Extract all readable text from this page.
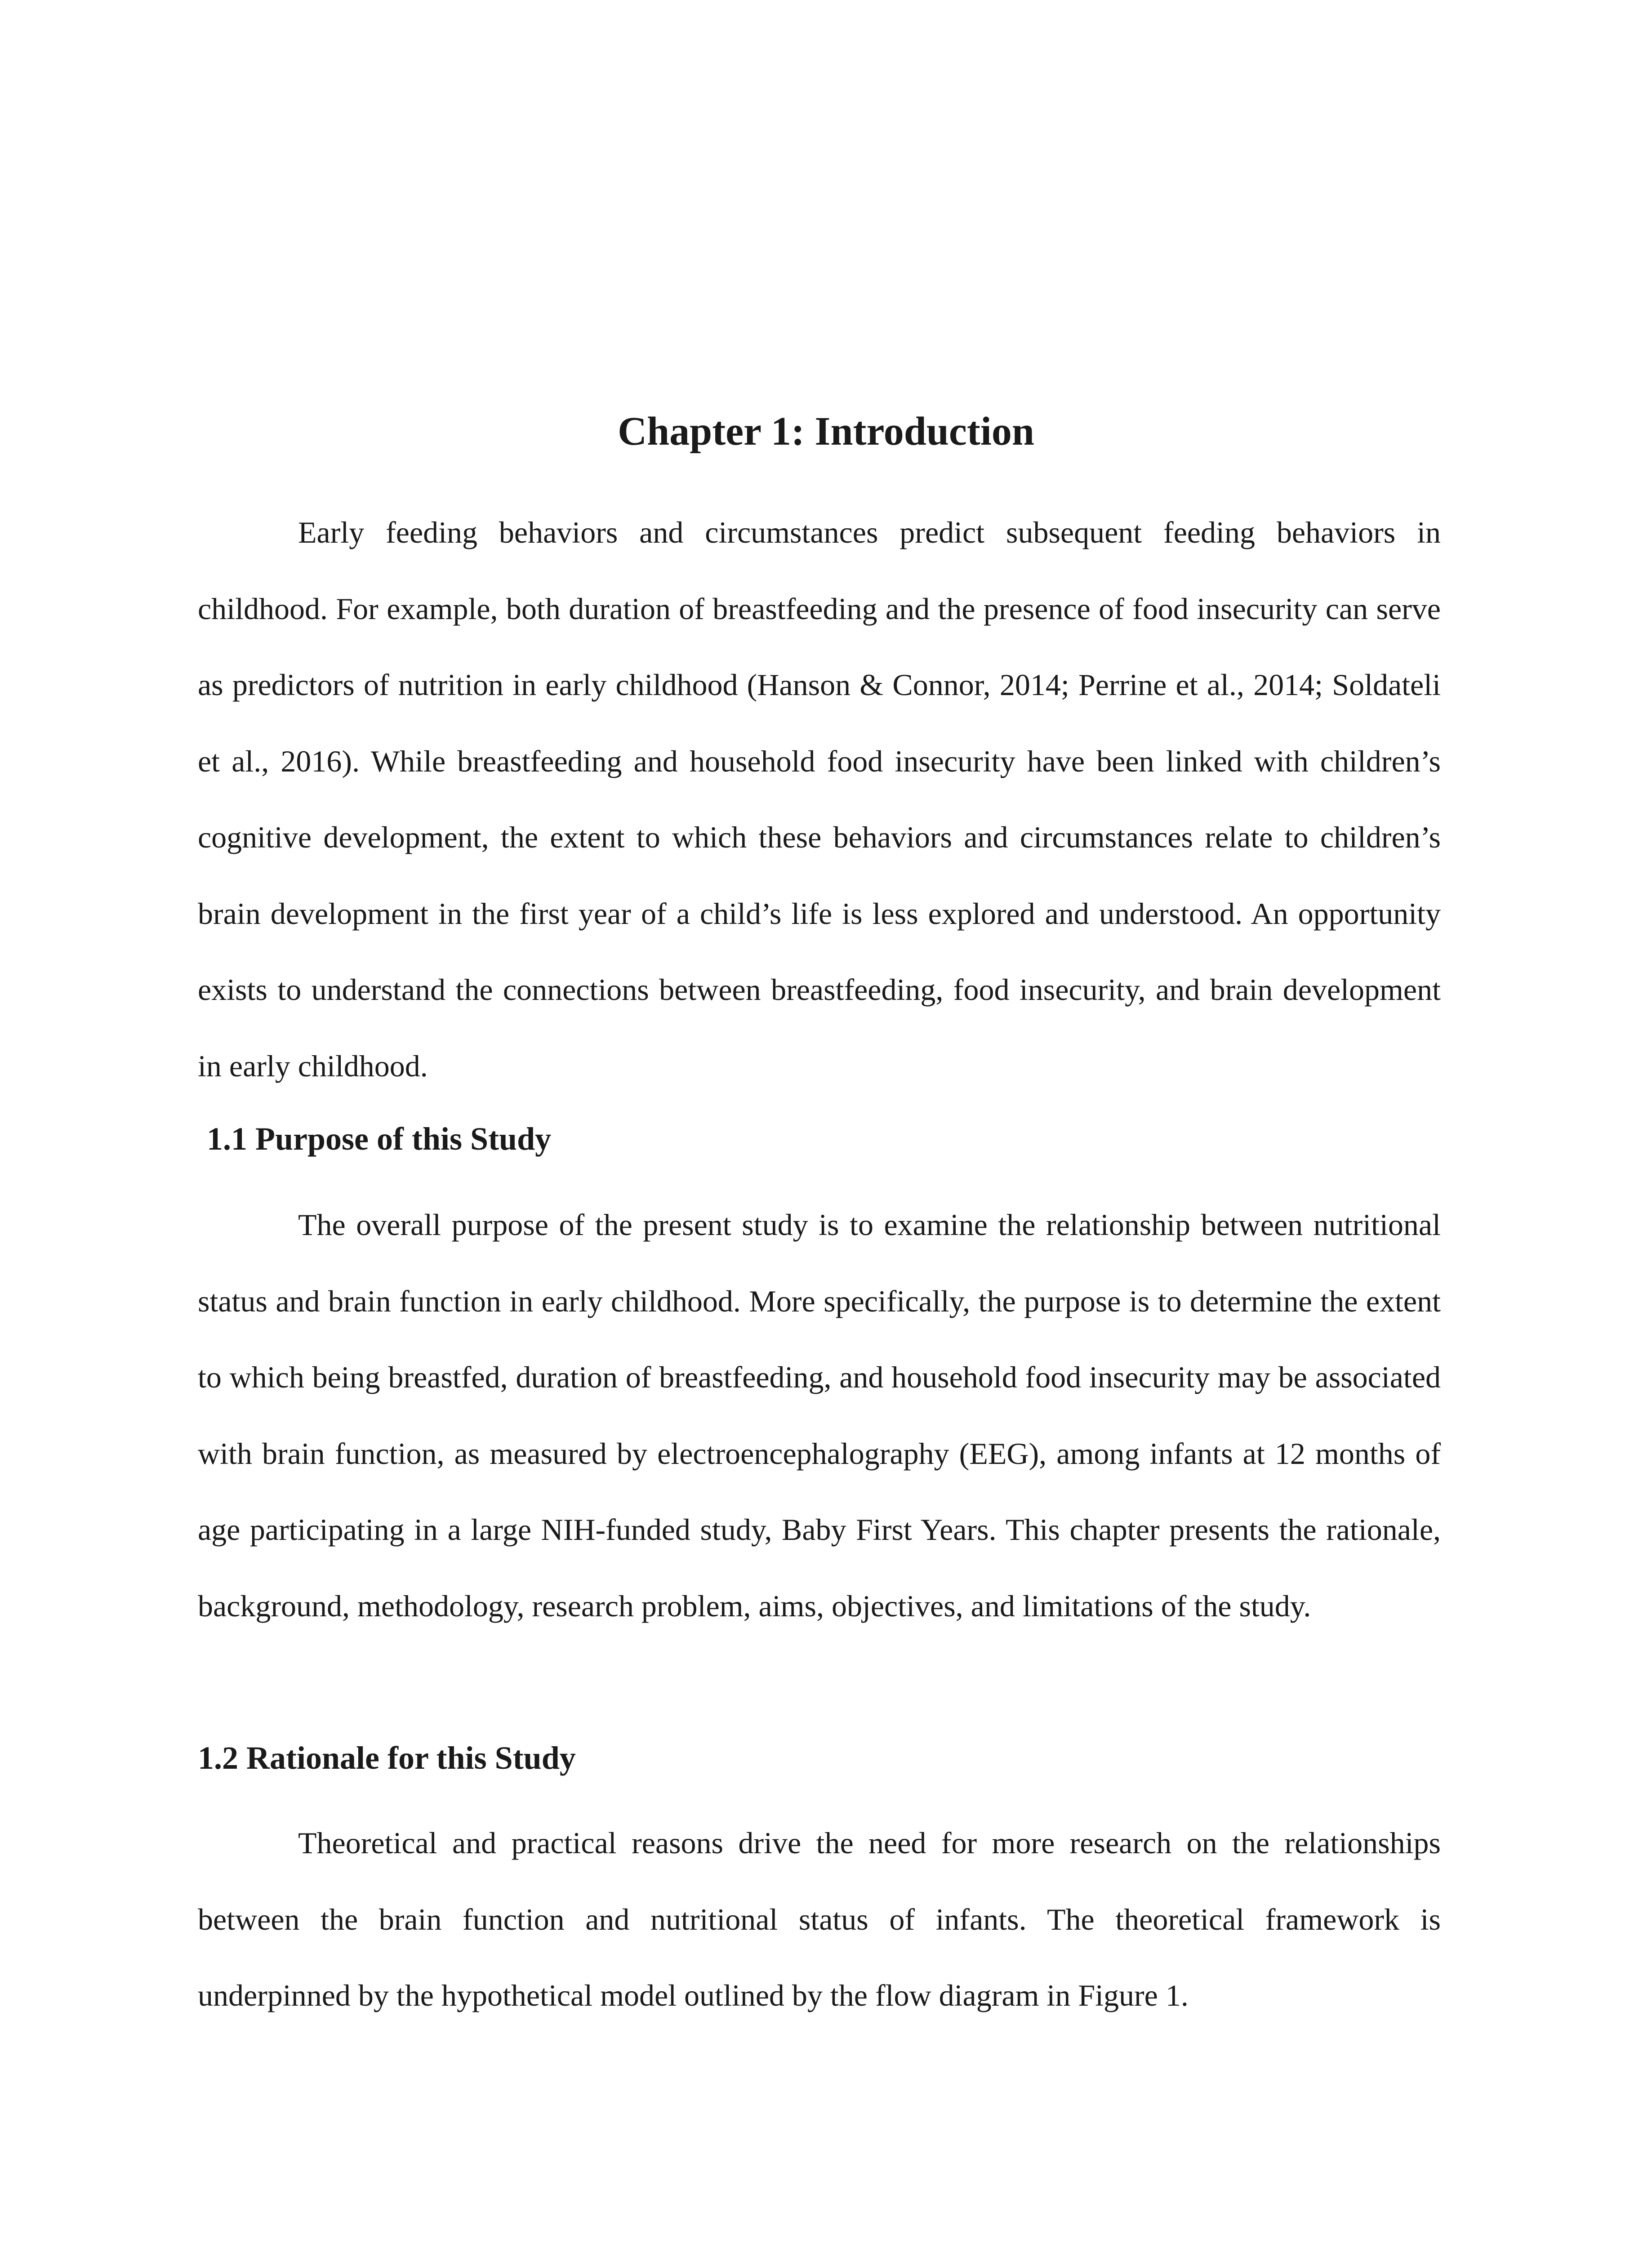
Chapter 1: Introduction

Early feeding behaviors and circumstances predict subsequent feeding behaviors in childhood. For example, both duration of breastfeeding and the presence of food insecurity can serve as predictors of nutrition in early childhood (Hanson & Connor, 2014; Perrine et al., 2014; Soldateli et al., 2016). While breastfeeding and household food insecurity have been linked with children’s cognitive development, the extent to which these behaviors and circumstances relate to children’s brain development in the first year of a child’s life is less explored and understood. An opportunity exists to understand the connections between breastfeeding, food insecurity, and brain development in early childhood.

1.1 Purpose of this Study

The overall purpose of the present study is to examine the relationship between nutritional status and brain function in early childhood. More specifically, the purpose is to determine the extent to which being breastfed, duration of breastfeeding, and household food insecurity may be associated with brain function, as measured by electroencephalography (EEG), among infants at 12 months of age participating in a large NIH-funded study, Baby First Years. This chapter presents the rationale, background, methodology, research problem, aims, objectives, and limitations of the study.

1.2 Rationale for this Study

Theoretical and practical reasons drive the need for more research on the relationships between the brain function and nutritional status of infants. The theoretical framework is underpinned by the hypothetical model outlined by the flow diagram in Figure 1.
